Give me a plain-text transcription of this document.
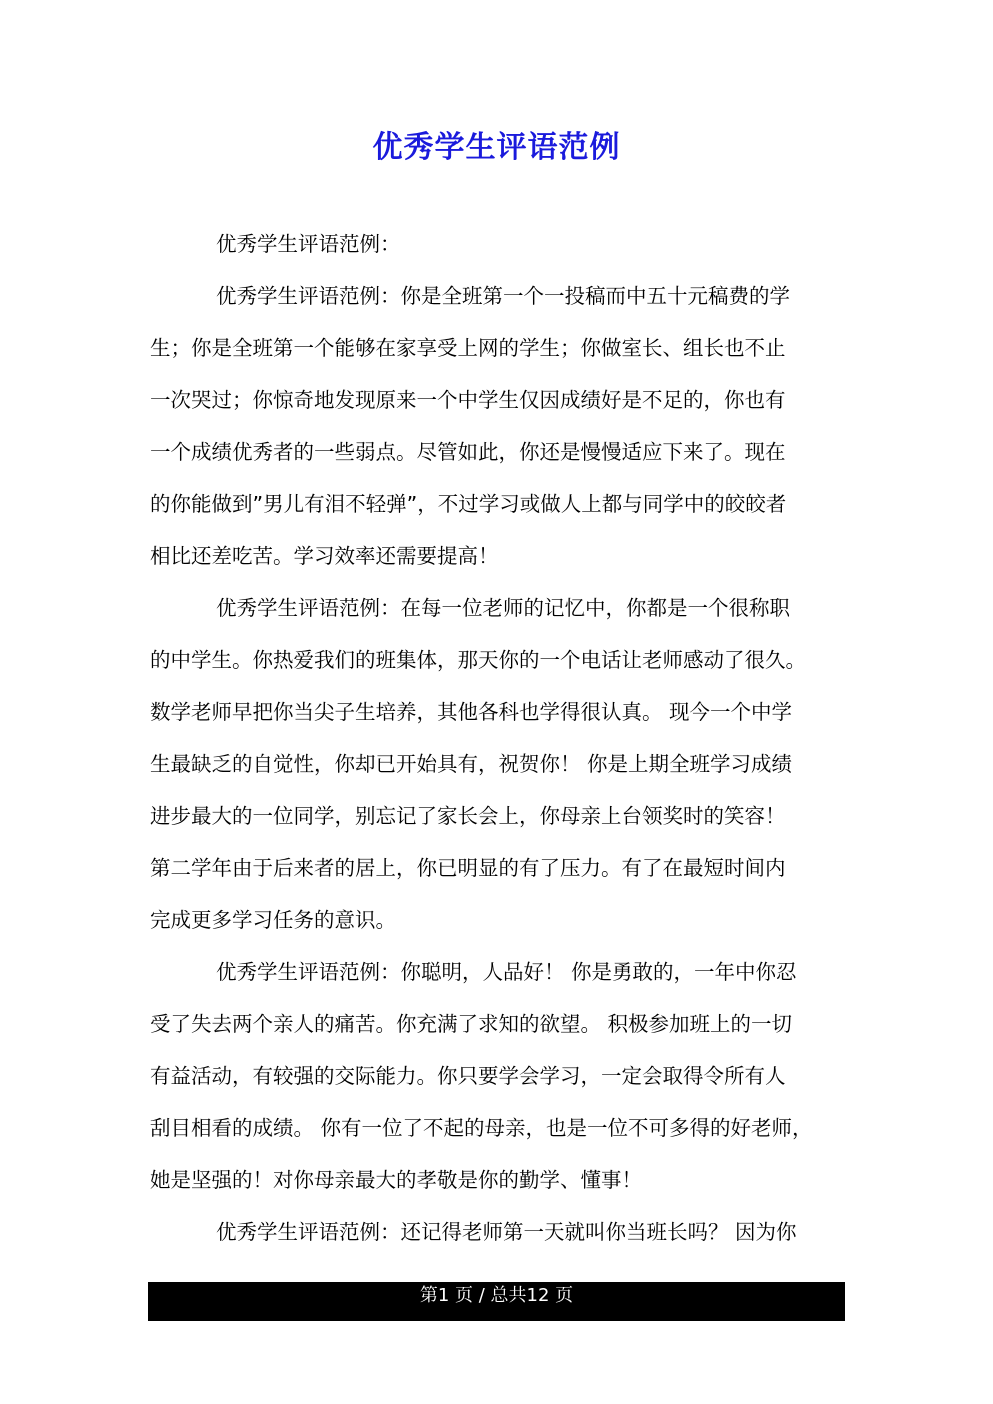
优秀学生评语范例
优秀学生评语范例：
优秀学生评语范例：你是全班第一个一投稿而中五十元稿费的学
生；你是全班第一个能够在家享受上网的学生；你做室长、组长也不止
一次哭过；你惊奇地发现原来一个中学生仅因成绩好是不足的，你也有
一个成绩优秀者的一些弱点。尽管如此，你还是慢慢适应下来了。现在
的你能做到”男儿有泪不轻弹”，不过学习或做人上都与同学中的皎皎者
相比还差吃苦。学习效率还需要提高！
优秀学生评语范例：在每一位老师的记忆中，你都是一个很称职
的中学生。你热爱我们的班集体，那天你的一个电话让老师感动了很久。
数学老师早把你当尖子生培养，其他各科也学得很认真。 现今一个中学
生最缺乏的自觉性，你却已开始具有，祝贺你！ 你是上期全班学习成绩
进步最大的一位同学，别忘记了家长会上，你母亲上台领奖时的笑容！
第二学年由于后来者的居上，你已明显的有了压力。有了在最短时间内
完成更多学习任务的意识。
优秀学生评语范例：你聪明，人品好！ 你是勇敢的，一年中你忍
受了失去两个亲人的痛苦。你充满了求知的欲望。 积极参加班上的一切
有益活动，有较强的交际能力。你只要学会学习，一定会取得令所有人
刮目相看的成绩。 你有一位了不起的母亲，也是一位不可多得的好老师，
她是坚强的！对你母亲最大的孝敬是你的勤学、懂事！
优秀学生评语范例：还记得老师第一天就叫你当班长吗？ 因为你
第1 页 / 总共12 页
